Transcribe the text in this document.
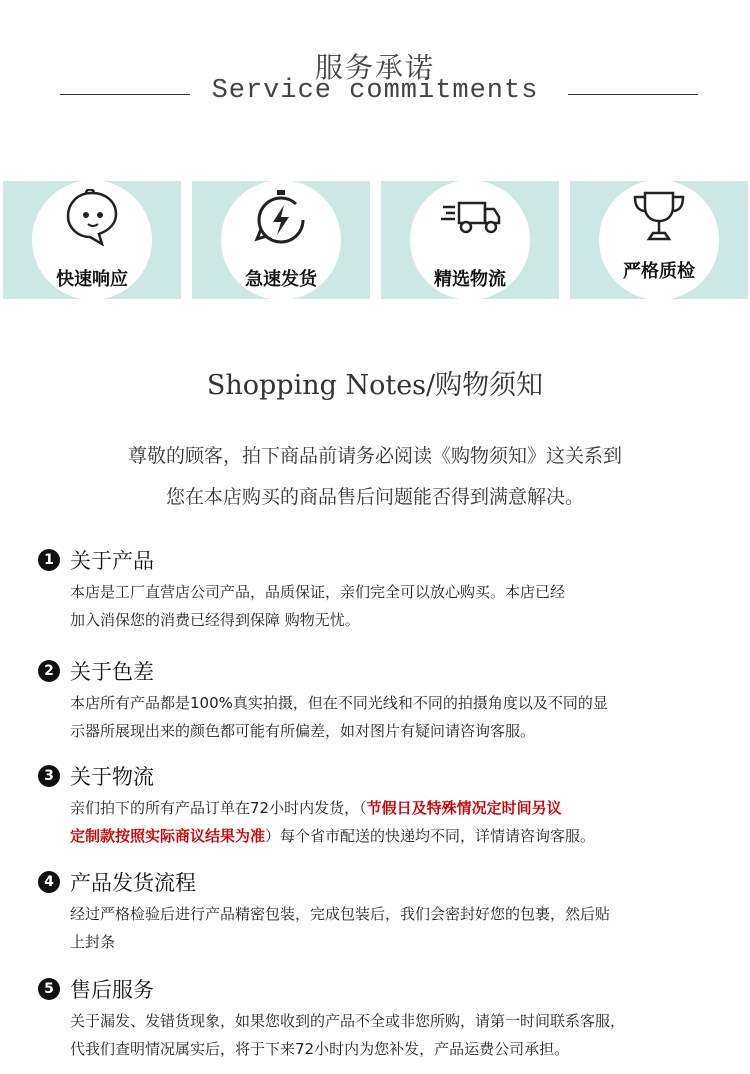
服务承诺
Service commitments
快速响应	急速发货	精选物流	严格质检
Shopping Notes/购物须知
尊敬的顾客，拍下商品前请务必阅读《购物须知》这关系到
您在本店购买的商品售后问题能否得到满意解决。
1 关于产品
本店是工厂直营店公司产品，品质保证，亲们完全可以放心购买。本店已经
加入消保您的消费已经得到保障 购物无忧。
2 关于色差
本店所有产品都是100%真实拍摄，但在不同光线和不同的拍摄角度以及不同的显
示器所展现出来的颜色都可能有所偏差，如对图片有疑问请咨询客服。
3 关于物流
亲们拍下的所有产品订单在72小时内发货，（节假日及特殊情况定时间另议
定制款按照实际商议结果为准）每个省市配送的快递均不同，详情请咨询客服。
4 产品发货流程
经过严格检验后进行产品精密包装，完成包装后，我们会密封好您的包裹，然后贴
上封条
5 售后服务
关于漏发、发错货现象，如果您收到的产品不全或非您所购，请第一时间联系客服，
代我们查明情况属实后，将于下来72小时内为您补发，产品运费公司承担。
